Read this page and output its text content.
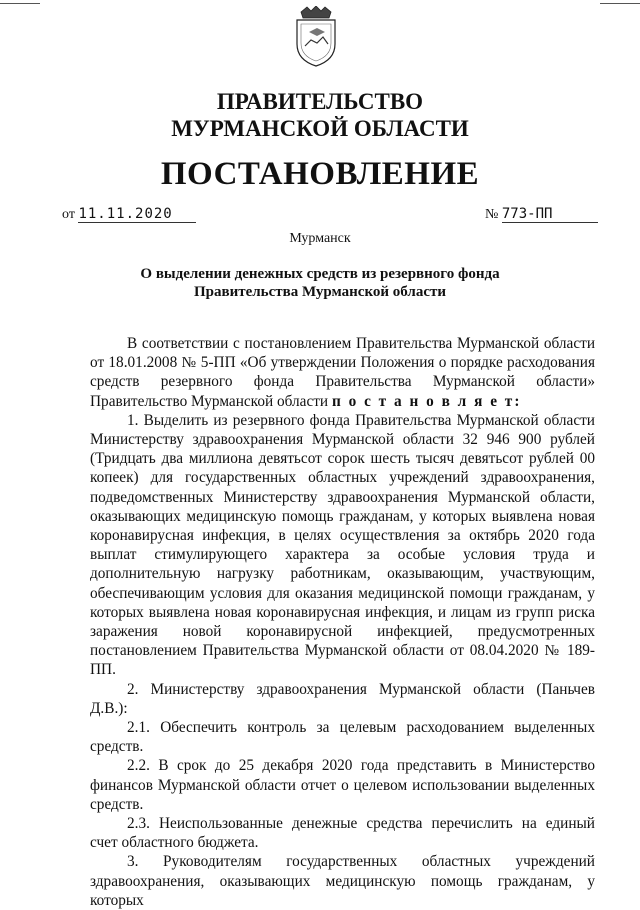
ПРАВИТЕЛЬСТВО
МУРМАНСКОЙ ОБЛАСТИ
ПОСТАНОВЛЕНИЕ
от 11.11.2020	№ 773-ПП
Мурманск
О выделении денежных средств из резервного фонда
Правительства Мурманской области

В соответствии с постановлением Правительства Мурманской области от 18.01.2008 № 5-ПП «Об утверждении Положения о порядке расходования средств резервного фонда Правительства Мурманской области» Правительство Мурманской области п о с т а н о в л я е т:

1. Выделить из резервного фонда Правительства Мурманской области Министерству здравоохранения Мурманской области 32 946 900 рублей (Тридцать два миллиона девятьсот сорок шесть тысяч девятьсот рублей 00 копеек) для государственных областных учреждений здравоохранения, подведомственных Министерству здравоохранения Мурманской области, оказывающих медицинскую помощь гражданам, у которых выявлена новая коронавирусная инфекция, в целях осуществления за октябрь 2020 года выплат стимулирующего характера за особые условия труда и дополнительную нагрузку работникам, оказывающим, участвующим, обеспечивающим условия для оказания медицинской помощи гражданам, у которых выявлена новая коронавирусная инфекция, и лицам из групп риска заражения новой коронавирусной инфекцией, предусмотренных постановлением Правительства Мурманской области от 08.04.2020 № 189-ПП.

2. Министерству здравоохранения Мурманской области (Паньчев Д.В.):

2.1. Обеспечить контроль за целевым расходованием выделенных средств.

2.2. В срок до 25 декабря 2020 года представить в Министерство финансов Мурманской области отчет о целевом использовании выделенных средств.

2.3. Неиспользованные денежные средства перечислить на единый счет областного бюджета.

3. Руководителям государственных областных учреждений здравоохранения, оказывающих медицинскую помощь гражданам, у которых
